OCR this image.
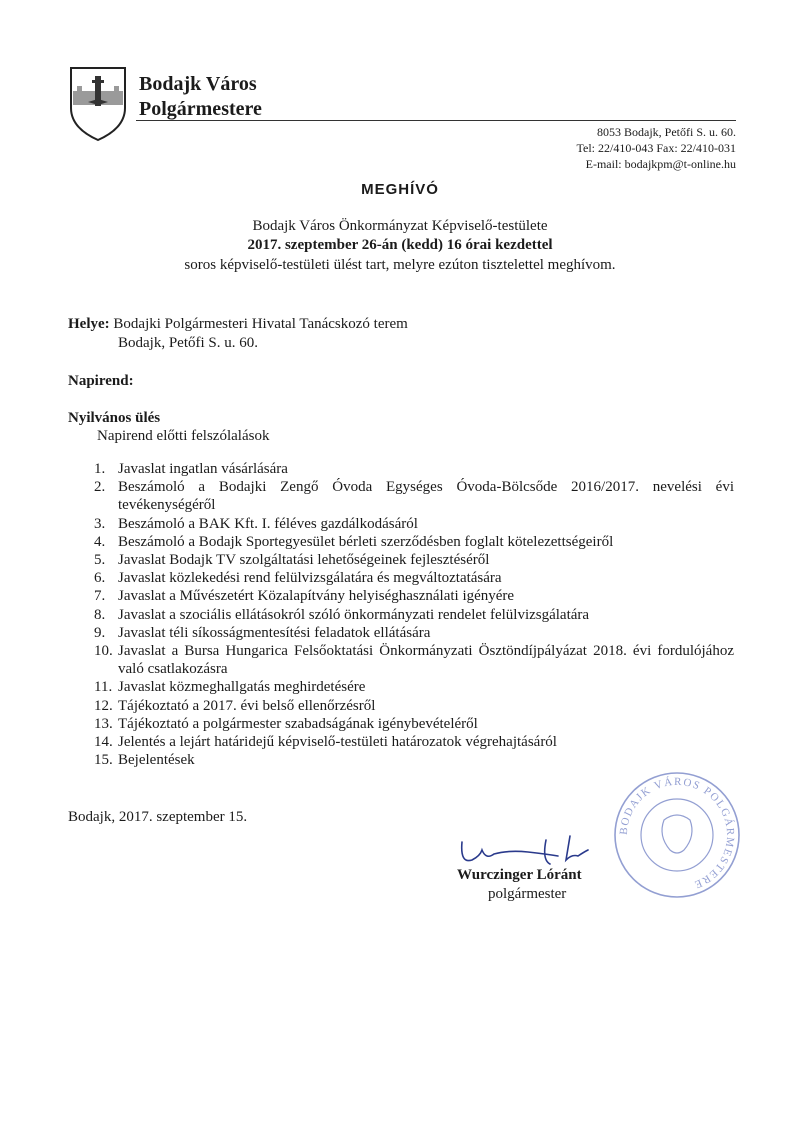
Bodajk Város
Polgármestere
8053 Bodajk, Petőfi S. u. 60.
Tel: 22/410-043 Fax: 22/410-031
E-mail: bodajkpm@t-online.hu
MEGHÍVÓ
Bodajk Város Önkormányzat Képviselő-testülete
2017. szeptember 26-án (kedd) 16 órai kezdettel
soros képviselő-testületi ülést tart, melyre ezúton tisztelettel meghívom.
Helye: Bodajki Polgármesteri Hivatal Tanácskozó terem
Bodajk, Petőfi S. u. 60.
Napirend:
Nyilvános ülés
Napirend előtti felszólalások
1. Javaslat ingatlan vásárlására
2. Beszámoló a Bodajki Zengő Óvoda Egységes Óvoda-Bölcsőde 2016/2017. nevelési évi tevékenységéről
3. Beszámoló a BAK Kft. I. féléves gazdálkodásáról
4. Beszámoló a Bodajk Sportegyesület bérleti szerződésben foglalt kötelezettségeiről
5. Javaslat Bodajk TV szolgáltatási lehetőségeinek fejlesztéséről
6. Javaslat közlekedési rend felülvizsgálatára és megváltoztatására
7. Javaslat a Művészetért Közalapítvány helyiséghasználati igényére
8. Javaslat a szociális ellátásokról szóló önkormányzati rendelet felülvizsgálatára
9. Javaslat téli síkosságmentesítési feladatok ellátására
10. Javaslat a Bursa Hungarica Felsőoktatási Önkormányzati Ösztöndíjpályázat 2018. évi fordulójához való csatlakozásra
11. Javaslat közmeghallgatás meghirdetésére
12. Tájékoztató a 2017. évi belső ellenőrzésről
13. Tájékoztató a polgármester szabadságának igénybevételéről
14. Jelentés a lejárt határidejű képviselő-testületi határozatok végrehajtásáról
15. Bejelentések
Bodajk, 2017. szeptember 15.
BODAJK VÁROS POLGÁRMESTERE
Wurczinger Lóránt
polgármester
